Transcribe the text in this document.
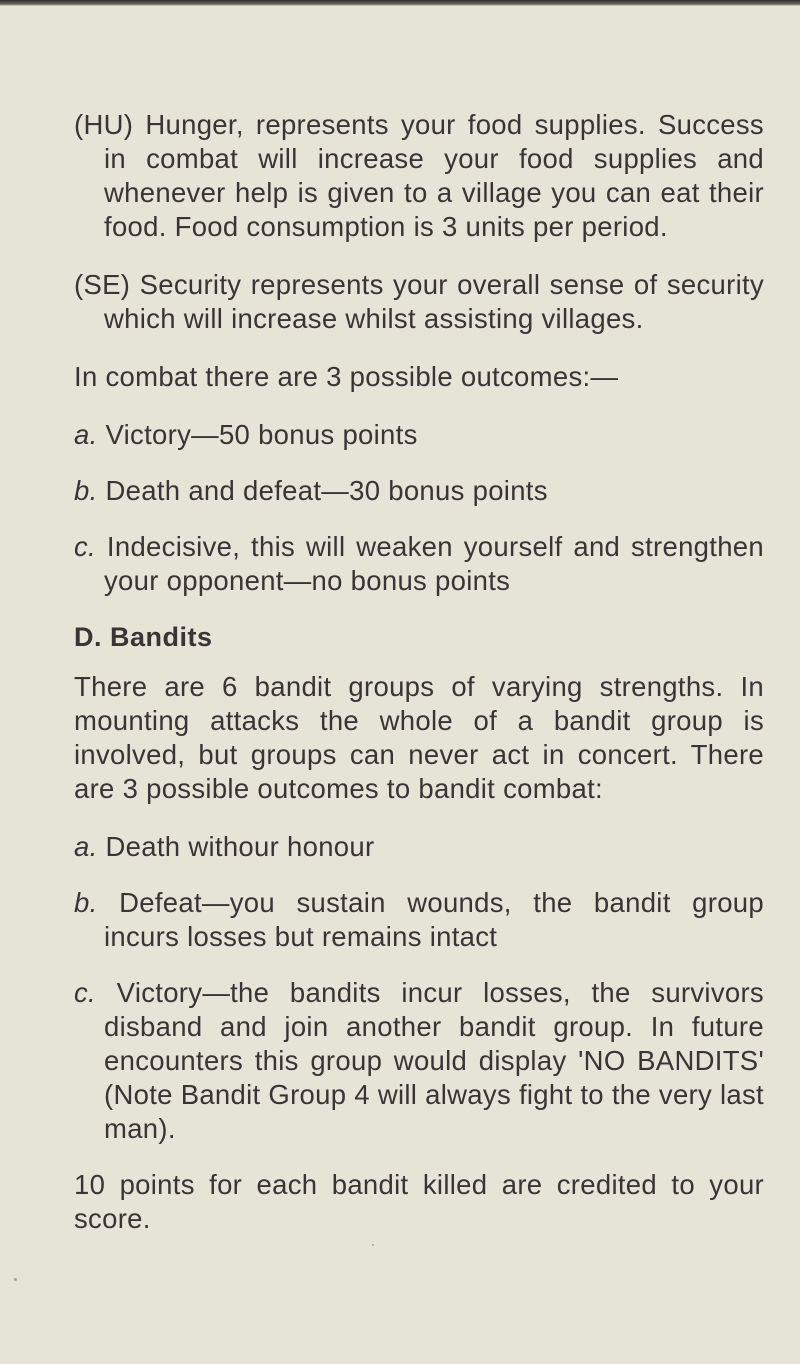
(HU) Hunger, represents your food supplies. Success in combat will increase your food supplies and whenever help is given to a village you can eat their food. Food consumption is 3 units per period.

(SE) Security represents your overall sense of security which will increase whilst assisting villages.

In combat there are 3 possible outcomes:—

a. Victory—50 bonus points

b. Death and defeat—30 bonus points

c. Indecisive, this will weaken yourself and strengthen your opponent—no bonus points

D. Bandits

There are 6 bandit groups of varying strengths. In mounting attacks the whole of a bandit group is involved, but groups can never act in concert. There are 3 possible outcomes to bandit combat:

a. Death withour honour

b. Defeat—you sustain wounds, the bandit group incurs losses but remains intact

c. Victory—the bandits incur losses, the survivors disband and join another bandit group. In future encounters this group would display 'NO BANDITS' (Note Bandit Group 4 will always fight to the very last man).

10 points for each bandit killed are credited to your score.
